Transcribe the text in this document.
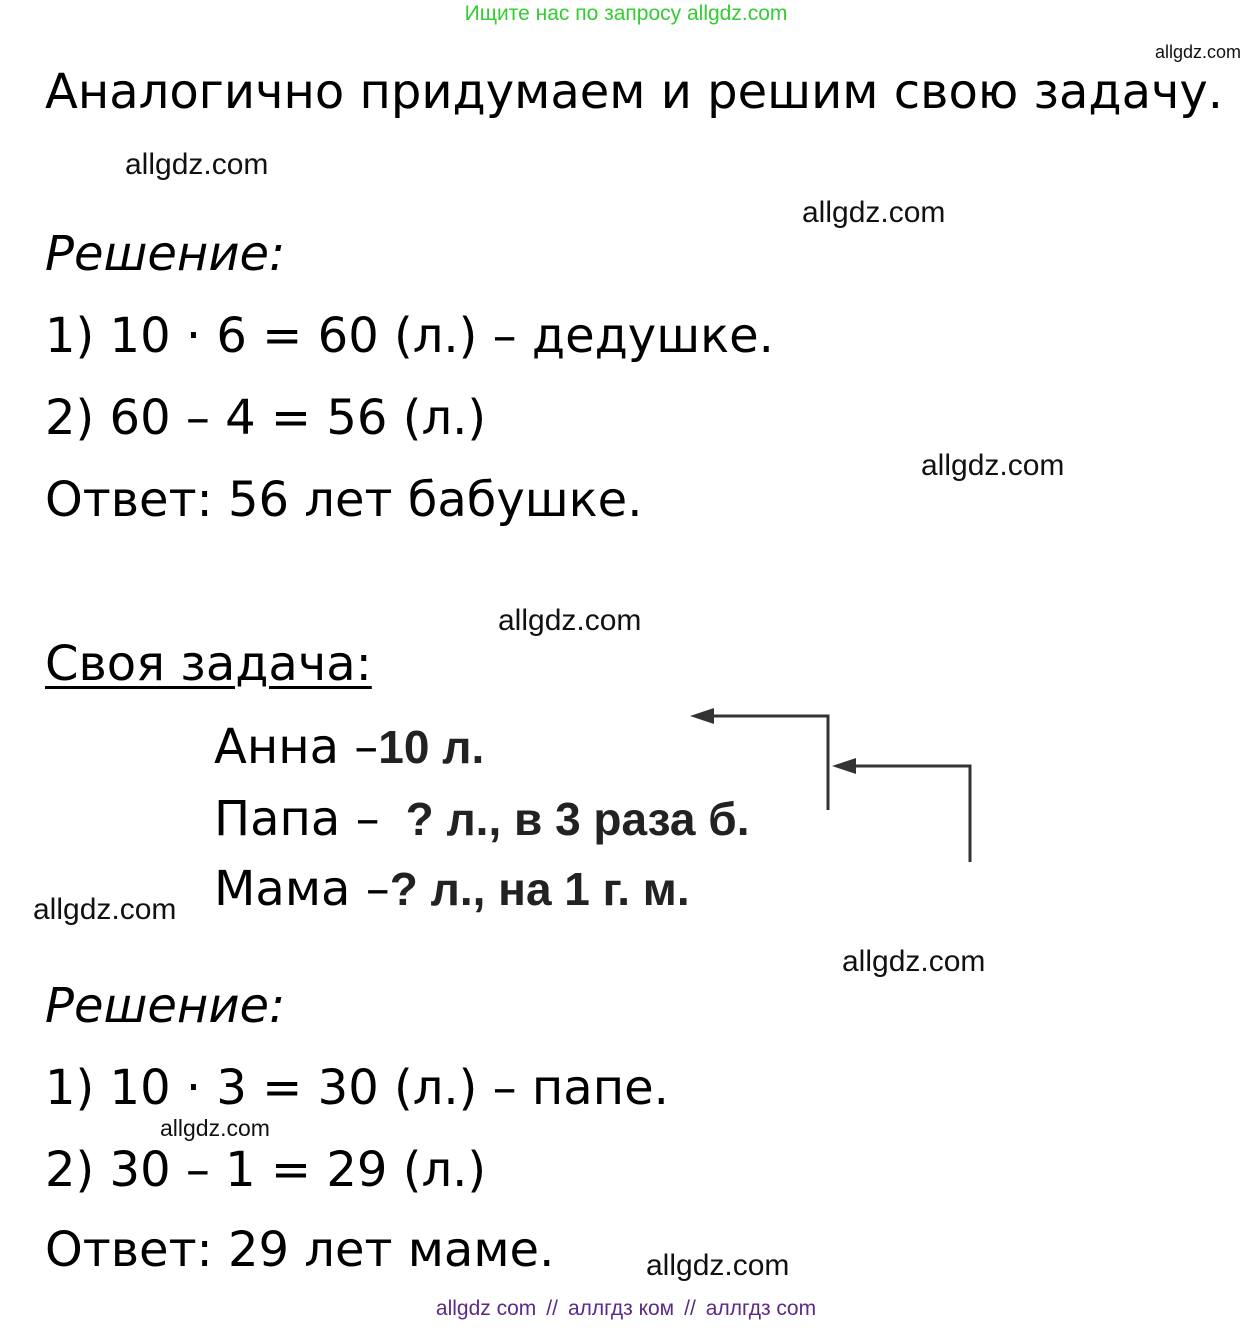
Ищите нас по запросу allgdz.com
allgdz.com
Аналогично придумаем и решим свою задачу.
allgdz.com
allgdz.com
Решение:
1) 10 · 6 = 60 (л.) – дедушке.
2) 60 – 4 = 56 (л.)
allgdz.com
Ответ: 56 лет бабушке.
allgdz.com
Своя задача:
Анна –10 л.
Папа – ? л., в 3 раза б.
Мама –? л., на 1 г. м.
allgdz.com
allgdz.com
Решение:
1) 10 · 3 = 30 (л.) – папе.
allgdz.com
2) 30 – 1 = 29 (л.)
Ответ: 29 лет маме.	allgdz.com
allgdz com // аллгдз ком // аллгдз com
